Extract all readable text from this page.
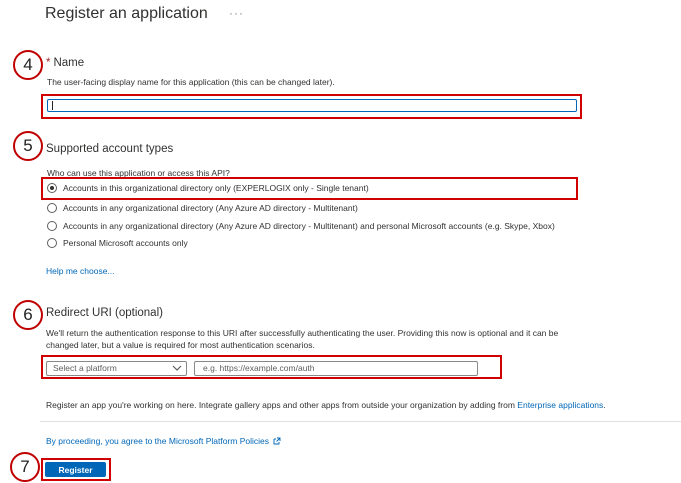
Register an application ···
4	* Name
The user-facing display name for this application (this can be changed later).
5	Supported account types
Who can use this application or access this API?
Accounts in this organizational directory only (EXPERLOGIX only - Single tenant)
Accounts in any organizational directory (Any Azure AD directory - Multitenant)
Accounts in any organizational directory (Any Azure AD directory - Multitenant) and personal Microsoft accounts (e.g. Skype, Xbox)
Personal Microsoft accounts only
Help me choose...
6	Redirect URI (optional)
We'll return the authentication response to this URI after successfully authenticating the user. Providing this now is optional and it can be
changed later, but a value is required for most authentication scenarios.
Select a platform	e.g. https://example.com/auth
Register an app you're working on here. Integrate gallery apps and other apps from outside your organization by adding from Enterprise applications.
By proceeding, you agree to the Microsoft Platform Policies
7	Register
